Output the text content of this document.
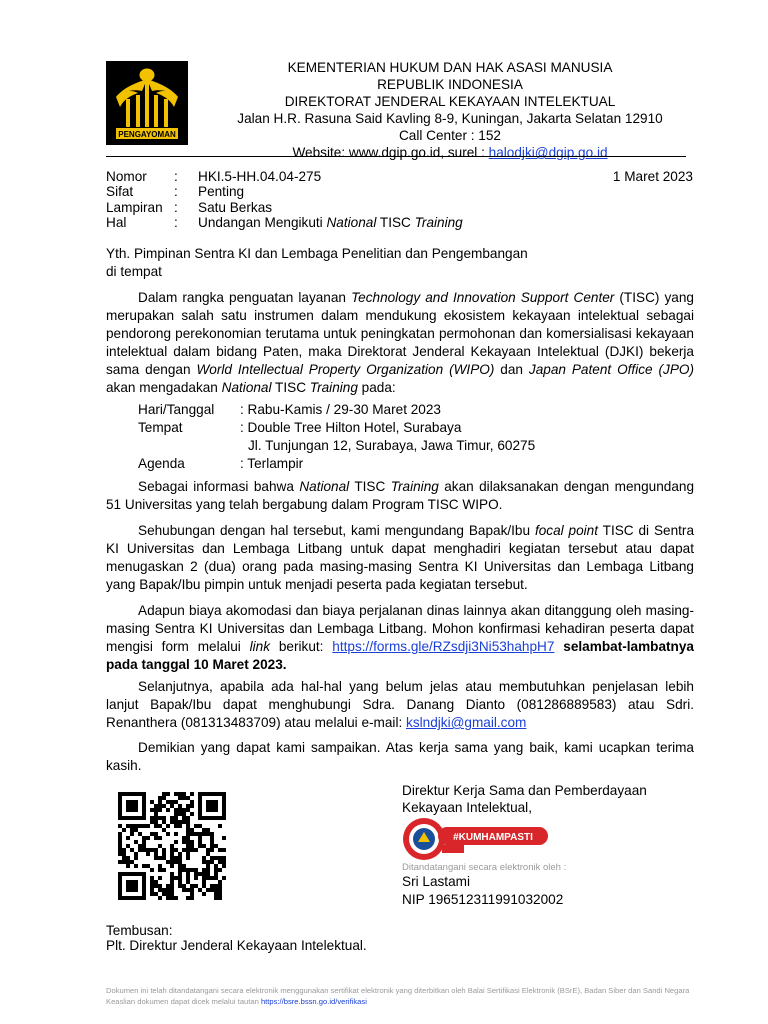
PENGAYOMAN
KEMENTERIAN HUKUM DAN HAK ASASI MANUSIA
REPUBLIK INDONESIA
DIREKTORAT JENDERAL KEKAYAAN INTELEKTUAL
Jalan H.R. Rasuna Said Kavling 8-9, Kuningan, Jakarta Selatan 12910
Call Center : 152
Website: www.dgip.go.id, surel : halodjki@dgip.go.id
Nomor : HKI.5-HH.04.04-275
Sifat	: Penting
Lampiran : Satu Berkas
Hal	: Undangan Mengikuti National TISC Training
1 Maret 2023
Yth. Pimpinan Sentra KI dan Lembaga Penelitian dan Pengembangan
di tempat
Dalam rangka penguatan layanan Technology and Innovation Support Center (TISC) yang merupakan salah satu instrumen dalam mendukung ekosistem kekayaan intelektual sebagai pendorong perekonomian terutama untuk peningkatan permohonan dan komersialisasi kekayaan intelektual dalam bidang Paten, maka Direktorat Jenderal Kekayaan Intelektual (DJKI) bekerja sama dengan World Intellectual Property Organization (WIPO) dan Japan Patent Office (JPO) akan mengadakan National TISC Training pada:
Hari/Tanggal : Rabu-Kamis / 29-30 Maret 2023
Tempat	: Double Tree Hilton Hotel, Surabaya
Jl. Tunjungan 12, Surabaya, Jawa Timur, 60275
Agenda	: Terlampir
Sebagai informasi bahwa National TISC Training akan dilaksanakan dengan mengundang 51 Universitas yang telah bergabung dalam Program TISC WIPO.
Sehubungan dengan hal tersebut, kami mengundang Bapak/Ibu focal point TISC di Sentra KI Universitas dan Lembaga Litbang untuk dapat menghadiri kegiatan tersebut atau dapat menugaskan 2 (dua) orang pada masing-masing Sentra KI Universitas dan Lembaga Litbang yang Bapak/Ibu pimpin untuk menjadi peserta pada kegiatan tersebut.
Adapun biaya akomodasi dan biaya perjalanan dinas lainnya akan ditanggung oleh masing-masing Sentra KI Universitas dan Lembaga Litbang. Mohon konfirmasi kehadiran peserta dapat mengisi form melalui link berikut: https://forms.gle/RZsdji3Ni53hahpH7 selambat-lambatnya pada tanggal 10 Maret 2023.
Selanjutnya, apabila ada hal-hal yang belum jelas atau membutuhkan penjelasan lebih lanjut Bapak/Ibu dapat menghubungi Sdra. Danang Dianto (081286889583) atau Sdri. Renanthera (081313483709) atau melalui e-mail: kslndjki@gmail.com
Demikian yang dapat kami sampaikan. Atas kerja sama yang baik, kami ucapkan terima kasih.
Direktur Kerja Sama dan Pemberdayaan
Kekayaan Intelektual,
#KUMHAMPASTI
Ditandatangani secara elektronik oleh :
Sri Lastami
NIP 196512311991032002
Tembusan:
Plt. Direktur Jenderal Kekayaan Intelektual.
Dokumen ini telah ditandatangani secara elektronik menggunakan sertifikat elektronik yang diterbitkan oleh Balai Sertifikasi Elektronik (BSrE), Badan Siber dan Sandi Negara
Keaslian dokumen dapat dicek melalui tautan https://bsre.bssn.go.id/verifikasi
